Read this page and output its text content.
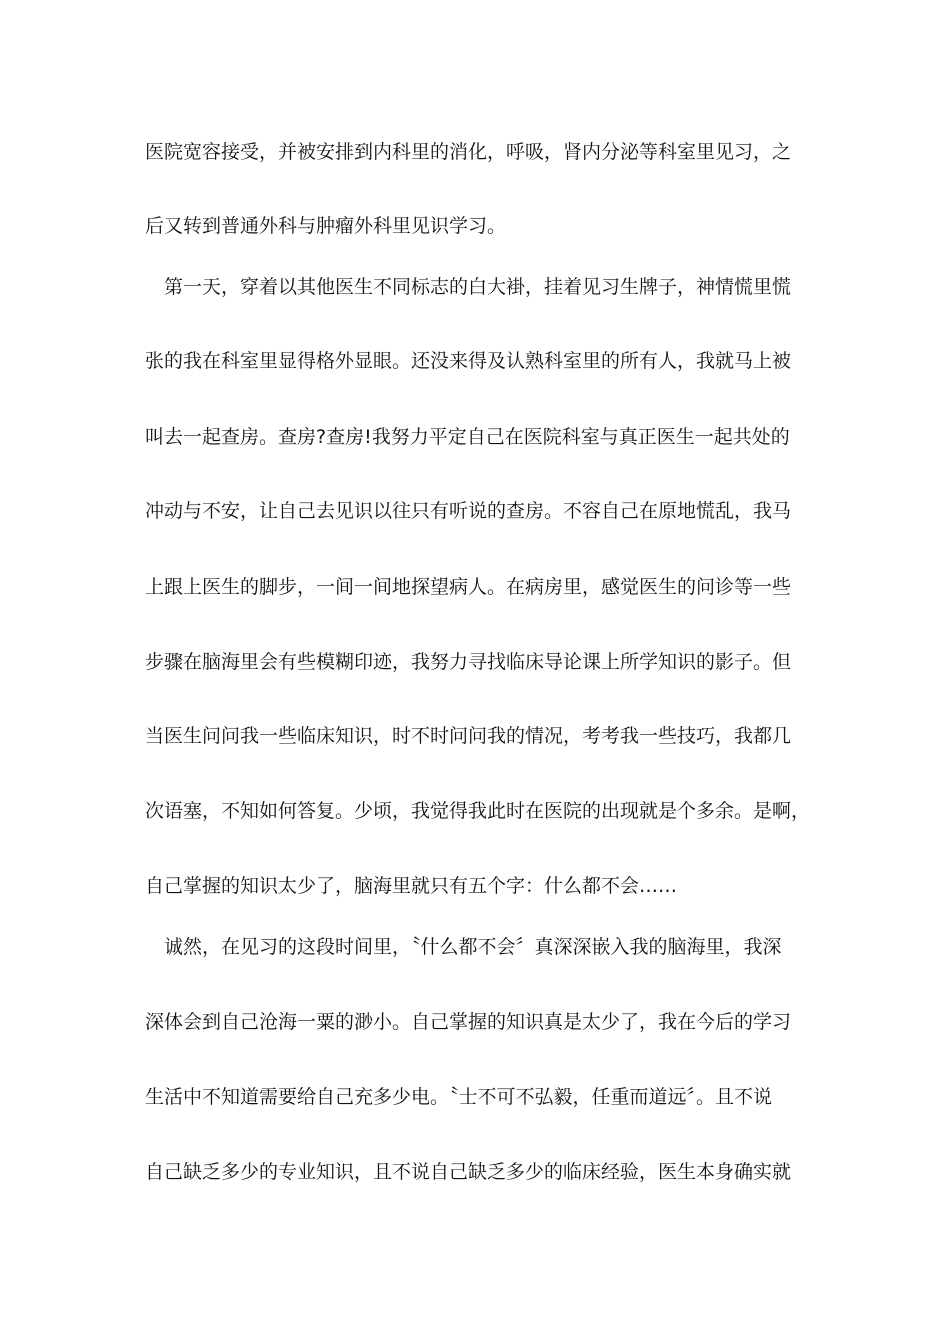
医院宽容接受，并被安排到内科里的消化，呼吸，肾内分泌等科室里见习，之
后又转到普通外科与肿瘤外科里见识学习。
　第一天，穿着以其他医生不同标志的白大褂，挂着见习生牌子，神情慌里慌
张的我在科室里显得格外显眼。还没来得及认熟科室里的所有人，我就马上被
叫去一起查房。查房?查房!我努力平定自己在医院科室与真正医生一起共处的
冲动与不安，让自己去见识以往只有听说的查房。不容自己在原地慌乱，我马
上跟上医生的脚步，一间一间地探望病人。在病房里，感觉医生的问诊等一些
步骤在脑海里会有些模糊印迹，我努力寻找临床导论课上所学知识的影子。但
当医生问问我一些临床知识，时不时问问我的情况，考考我一些技巧，我都几
次语塞，不知如何答复。少顷，我觉得我此时在医院的出现就是个多余。是啊，
自己掌握的知识太少了，脑海里就只有五个字：什么都不会……
　诚然，在见习的这段时间里，〝什么都不会〞真深深嵌入我的脑海里，我深
深体会到自己沧海一粟的渺小。自己掌握的知识真是太少了，我在今后的学习
生活中不知道需要给自己充多少电。〝士不可不弘毅，任重而道远〞。且不说
自己缺乏多少的专业知识，且不说自己缺乏多少的临床经验，医生本身确实就
